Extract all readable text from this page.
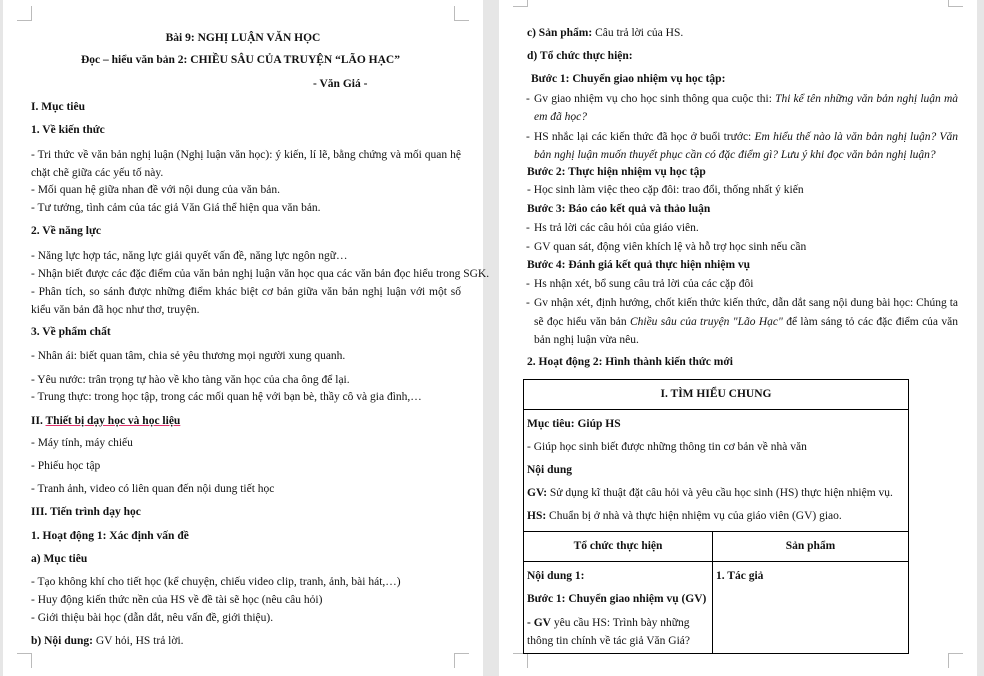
Bài 9: NGHỊ LUẬN VĂN HỌC
Đọc – hiểu văn bản 2: CHIỀU SÂU CỦA TRUYỆN “LÃO HẠC”
- Văn Giá -
I. Mục tiêu
1. Về kiến thức
- Tri thức về văn bản nghị luận (Nghị luận văn học): ý kiến, lí lẽ, bằng chứng và mối quan hệ chặt chẽ giữa các yếu tố này.
- Mối quan hệ giữa nhan đề với nội dung của văn bản.
- Tư tưởng, tình cảm của tác giả Văn Giá thể hiện qua văn bản.
2. Về năng lực
- Năng lực hợp tác, năng lực giải quyết vấn đề, năng lực ngôn ngữ…
- Nhận biết được các đặc điểm của văn bản nghị luận văn học qua các văn bản đọc hiểu trong SGK.
- Phân tích, so sánh được những điểm khác biệt cơ bản giữa văn bản nghị luận với một số kiểu văn bản đã học như thơ, truyện.
3. Về phẩm chất
- Nhân ái: biết quan tâm, chia sẻ yêu thương mọi người xung quanh.
- Yêu nước: trân trọng tự hào về kho tàng văn học của cha ông để lại.
- Trung thực: trong học tập, trong các mối quan hệ với bạn bè, thầy cô và gia đình,…
II. Thiết bị dạy học và học liệu
- Máy tính, máy chiếu
- Phiếu học tập
- Tranh ảnh, video có liên quan đến nội dung tiết học
III. Tiến trình dạy học
1. Hoạt động 1: Xác định vấn đề
a) Mục tiêu
- Tạo không khí cho tiết học (kể chuyện, chiếu video clip, tranh, ảnh, bài hát,…)
- Huy động kiến thức nền của HS về đề tài sẽ học (nêu câu hỏi)
- Giới thiệu bài học (dẫn dắt, nêu vấn đề, giới thiệu).
b) Nội dung: GV hỏi, HS trả lời.
c) Sản phẩm: Câu trả lời của HS.
d) Tổ chức thực hiện:
Bước 1: Chuyển giao nhiệm vụ học tập:
- Gv giao nhiệm vụ cho học sinh thông qua cuộc thi: Thi kể tên những văn bản nghị luận mà em đã học?
- HS nhắc lại các kiến thức đã học ở buổi trước: Em hiểu thế nào là văn bản nghị luận? Văn bản nghị luận muốn thuyết phục cần có đặc điểm gì? Lưu ý khi đọc văn bản nghị luận?
Bước 2: Thực hiện nhiệm vụ học tập
- Học sinh làm việc theo cặp đôi: trao đổi, thống nhất ý kiến
Bước 3: Báo cáo kết quả và thảo luận
- Hs trả lời các câu hỏi của giáo viên.
- GV quan sát, động viên khích lệ và hỗ trợ học sinh nếu cần
Bước 4: Đánh giá kết quả thực hiện nhiệm vụ
- Hs nhận xét, bổ sung câu trả lời của các cặp đôi
- Gv nhận xét, định hướng, chốt kiến thức kiến thức, dẫn dắt sang nội dung bài học: Chúng ta sẽ đọc hiểu văn bản Chiều sâu của truyện "Lão Hạc" để làm sáng tỏ các đặc điểm của văn bản nghị luận vừa nêu.
2. Hoạt động 2: Hình thành kiến thức mới
I. TÌM HIỂU CHUNG	

Mục tiêu: Giúp HS
- Giúp học sinh biết được những thông tin cơ bản về nhà văn
Nội dung
GV: Sử dụng kĩ thuật đặt câu hỏi và yêu cầu học sinh (HS) thực hiện nhiệm vụ.
HS: Chuẩn bị ở nhà và thực hiện nhiệm vụ của giáo viên (GV) giao.	

Tổ chức thực hiện	Sản phẩm

Nội dung 1:
Bước 1: Chuyển giao nhiệm vụ (GV)
- GV yêu cầu HS: Trình bày những thông tin chính về tác giả Văn Giá?	1. Tác giả
